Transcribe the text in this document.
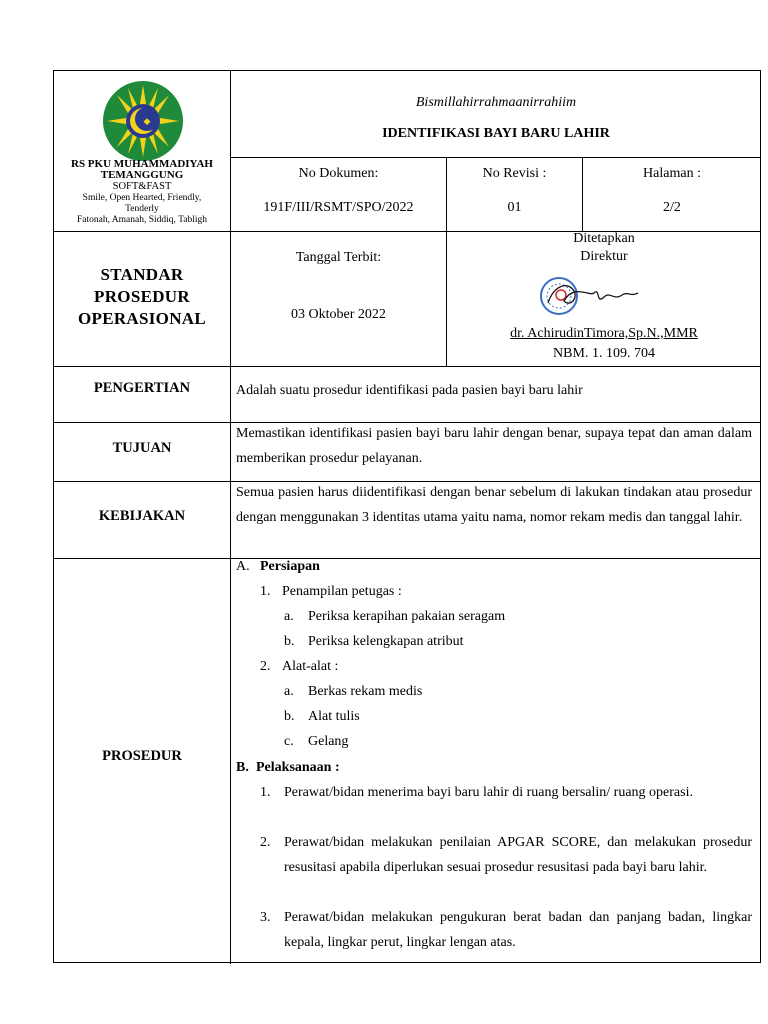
◆
RS PKU MUHAMMADIYAH
TEMANGGUNG
SOFT&FAST
Smile, Open Hearted, Friendly,
Tenderly
Fatonah, Amanah, Siddiq, Tabligh
Bismillahirrahmaanirrahiim
IDENTIFIKASI BAYI BARU LAHIR
No Dokumen:
191F/III/RSMT/SPO/2022
No Revisi :
01
Halaman :
2/2
STANDAR
PROSEDUR
OPERASIONAL
Tanggal Terbit:
03 Oktober 2022
Ditetapkan
Direktur
dr. AchirudinTimora,Sp.N.,MMR
NBM. 1. 109. 704
PENGERTIAN	Adalah suatu prosedur identifikasi pada pasien bayi baru lahir
TUJUAN
Memastikan identifikasi pasien bayi baru lahir dengan benar, supaya tepat dan aman dalam memberikan prosedur pelayanan.
KEBIJAKAN
Semua pasien harus diidentifikasi dengan benar sebelum di lakukan tindakan atau prosedur dengan menggunakan 3 identitas utama yaitu nama, nomor rekam medis dan tanggal lahir.
PROSEDUR
A. Persiapan
1. Penampilan petugas :
a. Periksa kerapihan pakaian seragam
b. Periksa kelengkapan atribut
2. Alat-alat :
a. Berkas rekam medis
b. Alat tulis
c. Gelang
B. Pelaksanaan :
1. Perawat/bidan menerima bayi baru lahir di ruang bersalin/ ruang operasi.
2. Perawat/bidan melakukan penilaian APGAR SCORE, dan melakukan prosedur resusitasi apabila diperlukan sesuai prosedur resusitasi pada bayi baru lahir.
3. Perawat/bidan melakukan pengukuran berat badan dan panjang badan, lingkar kepala, lingkar perut, lingkar lengan atas.
